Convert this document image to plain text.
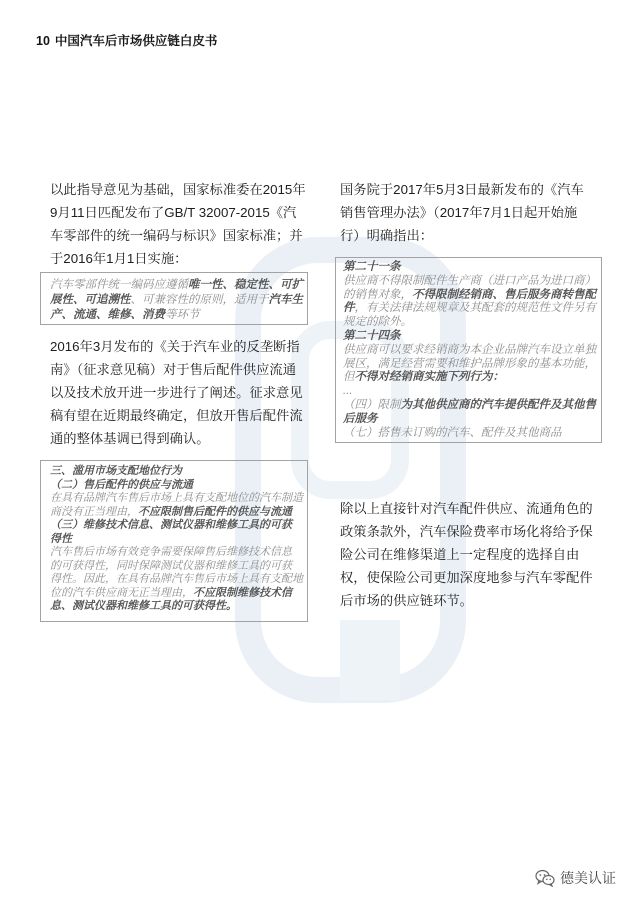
10 中国汽车后市场供应链白皮书
以此指导意见为基础，国家标准委在2015年
9月11日匹配发布了GB/T 32007-2015《汽
车零部件的统一编码与标识》国家标准；并
于2016年1月1日实施：
汽车零部件统一编码应遵循唯一性、稳定性、可扩
展性、可追溯性、可兼容性的原则，适用于汽车生
产、流通、维修、消费等环节
2016年3月发布的《关于汽车业的反垄断指
南》（征求意见稿）对于售后配件供应流通
以及技术放开进一步进行了阐述。征求意见
稿有望在近期最终确定，但放开售后配件流
通的整体基调已得到确认。
三、滥用市场支配地位行为
（二）售后配件的供应与流通
在具有品牌汽车售后市场上具有支配地位的汽车制造
商没有正当理由，不应限制售后配件的供应与流通
（三）维修技术信息、测试仪器和维修工具的可获
得性
汽车售后市场有效竞争需要保障售后维修技术信息
的可获得性，同时保障测试仪器和维修工具的可获
得性。因此，在具有品牌汽车售后市场上具有支配地
位的汽车供应商无正当理由，不应限制维修技术信
息、测试仪器和维修工具的可获得性。
国务院于2017年5月3日最新发布的《汽车
销售管理办法》（2017年7月1日起开始施
行）明确指出：
第二十一条
供应商不得限制配件生产商（进口产品为进口商）
的销售对象，不得限制经销商、售后服务商转售配
件，有关法律法规规章及其配套的规范性文件另有
规定的除外。
第二十四条
供应商可以要求经销商为本企业品牌汽车设立单独
展区，满足经营需要和维护品牌形象的基本功能，
但不得对经销商实施下列行为：
...
（四）限制为其他供应商的汽车提供配件及其他售
后服务
（七）搭售未订购的汽车、配件及其他商品
除以上直接针对汽车配件供应、流通角色的
政策条款外，汽车保险费率市场化将给予保
险公司在维修渠道上一定程度的选择自由
权，使保险公司更加深度地参与汽车零配件
后市场的供应链环节。
德美认证
